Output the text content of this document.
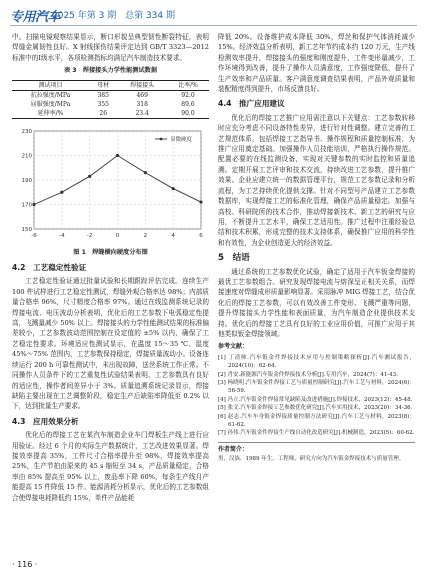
专用汽车
2025 年第 3 期 总第 334 期

中。扫描电镜观察结果显示，断口形貌呈典型韧性断裂特征，表明焊缝金属韧性良好。X 射线探伤结果评定达到 GB/T 3323—2012 标准中的Ⅰ级水平，各项检测指标均满足汽车制造技术要求。

表 3　焊接接头力学性能测试数据
测试项目	母材	焊接接头	比率/%
抗拉强度/MPa	385	469	92.0
屈服强度/MPa	355	318	89.6
延伸率/%	26	23.4	90.0
150
170
190
210
230
-6	-4	-2	0	2	4	6
显微硬度
图 1　焊缝横向硬度分布图
4.2　工艺稳定性验证

工艺稳定性验证通过批量试验和长期跟踪评估完成。连续生产 100 件试样进行工艺稳定性测试，焊缝外观合格率达 98%；内部质量合格率 96%，尺寸精度合格率 97%。通过在线监测系统记录的焊接电流、电压波动分析表明，优化后的工艺参数下电弧稳定性提高，飞溅量减少 50% 以上。焊接接头的力学性能测试结果的标准偏差较小，工艺参数波动范围控制在设定值的 ±5% 以内，确保了工艺稳定性要求。环境适应性测试显示，在温度 15～35 ℃、湿度 45%～75% 范围内，工艺参数保持稳定，焊接质量波动小。设备连续运行 200 h 可靠性测试中，未出现故障，送丝系统工作正常。不同操作人员条件下的工艺重复性试验结果表明，工艺参数具有良好的适应性，操作者间差异小于 3%。质量追溯系统记录显示，焊接缺陷主要出现在工艺调整阶段，稳定生产后缺陷率降低至 0.2% 以下，达到批量生产要求。

4.3　应用效果分析

优化后的焊接工艺在某汽车制造企业车门焊板生产线上进行应用验证。经过 6 个月的实际生产数据统计，工艺改进效果显著。焊接效率提高 35%，工件尺寸合格率提升至 98%，焊接效率提高 25%，生产节拍由原来的 45 s 缩短至 34 s，产品质量稳定，合格率由 85% 提高至 95% 以上，废品率下降 60%，每条生产线月产能提高 15 件降低 15 件。能源消耗分析显示，优化后的工艺参数组合使焊接电耗降低约 15%，单件产品能耗

降低 20%。设备维护成本降低 30%，焊丝和保护气体消耗减少 15%。经济效益分析表明，新工艺年节约成本约 120 万元，生产线检测效率提升，焊接接头的强度和刚度提升，工件变形量减少，工作环境得到改善，提升了操作人员满意度，工作强度降低，提升了生产效率和产品质量。客户满意度调查结果表明，产品外观质量和装配精度得到提升，市场反馈良好。

4.4　推广应用建议

优化后的焊接工艺推广应用需注意以下关键点：工艺参数转移时应充分考虑不同设备特性差异，进行针对性调整。建立完善的工艺规范体系，包括焊接工艺指导书、操作规程和质量控制标准，为推广应用奠定基础。加强操作人员技能培训，严格执行操作规范。配置必要的在线监测设备，实现对关键参数的实时监控和质量追溯。定期开展工艺评审和技术交流，持续改进工艺参数，提升推广效果。企业应建立统一的数据管理平台，规范工艺参数记录和分析流程，为工艺持续优化提供支撑。针对不同型号产品建立工艺参数数据库，实现焊接工艺的标准化管理，确保产品质量稳定。加强与高校、科研院所的技术合作，推动焊接新技术、新工艺的研究与应用，不断提升工艺水平，确保工艺适用性。推广过程中注重经验总结和技术积累，形成完整的技术支持体系，确保推广应用的科学性和有效性，为企业创造更大的经济效益。

5　结语

通过系统的工艺参数优化试验，确定了适用于汽车钣金焊接的最优工艺参数组合。研究发现焊接电流与熔深呈正相关关系，而焊接速度对焊缝成形质量影响显著。采用脉冲 MIG 焊接工艺，结合优化后的焊接工艺参数，可以有效改善工件变形、飞溅严重等问题，提升焊接接头力学性能和表面质量，为汽车制造企业提供技术支持。优化后的焊接工艺具有良好的工业应用价值，可推广应用于其他类似钣金焊接领域。

参考文献：
[1] 丁清帅.汽车钣金件焊接技术应用与控制策略探析[J].汽车测试报告，2024(10)：62-64.
[2] 肖安.新能源汽车钣金件焊接技术分析[J].专用汽车，2024(7)：41-43.
[3] 杨晓明.汽车钣金件焊接工艺与质量控制研究[J].汽车工艺与材料，2024(6)：56-59.
[4] 冯立.汽车钣金件焊接常见缺陷及改进措施[J].焊接技术，2023(12)：45-48.
[5] 张文.汽车钣金焊接工艺参数优化研究[J].汽车实用技术，2023(20)：34-36.
[6] 赵志.汽车车身钣金焊接质量控制方法研究[J].汽车工艺与材料，2023(8)：61-62.
[7] 孙伟.汽车钣金件焊接生产线自动化改造研究[J].机械制造，2023(5)：60-62.
作者简介：
男，汉族，1989 年生，工程师，研究方向为汽车钣金焊接技术与质量管理。
· 116 ·
